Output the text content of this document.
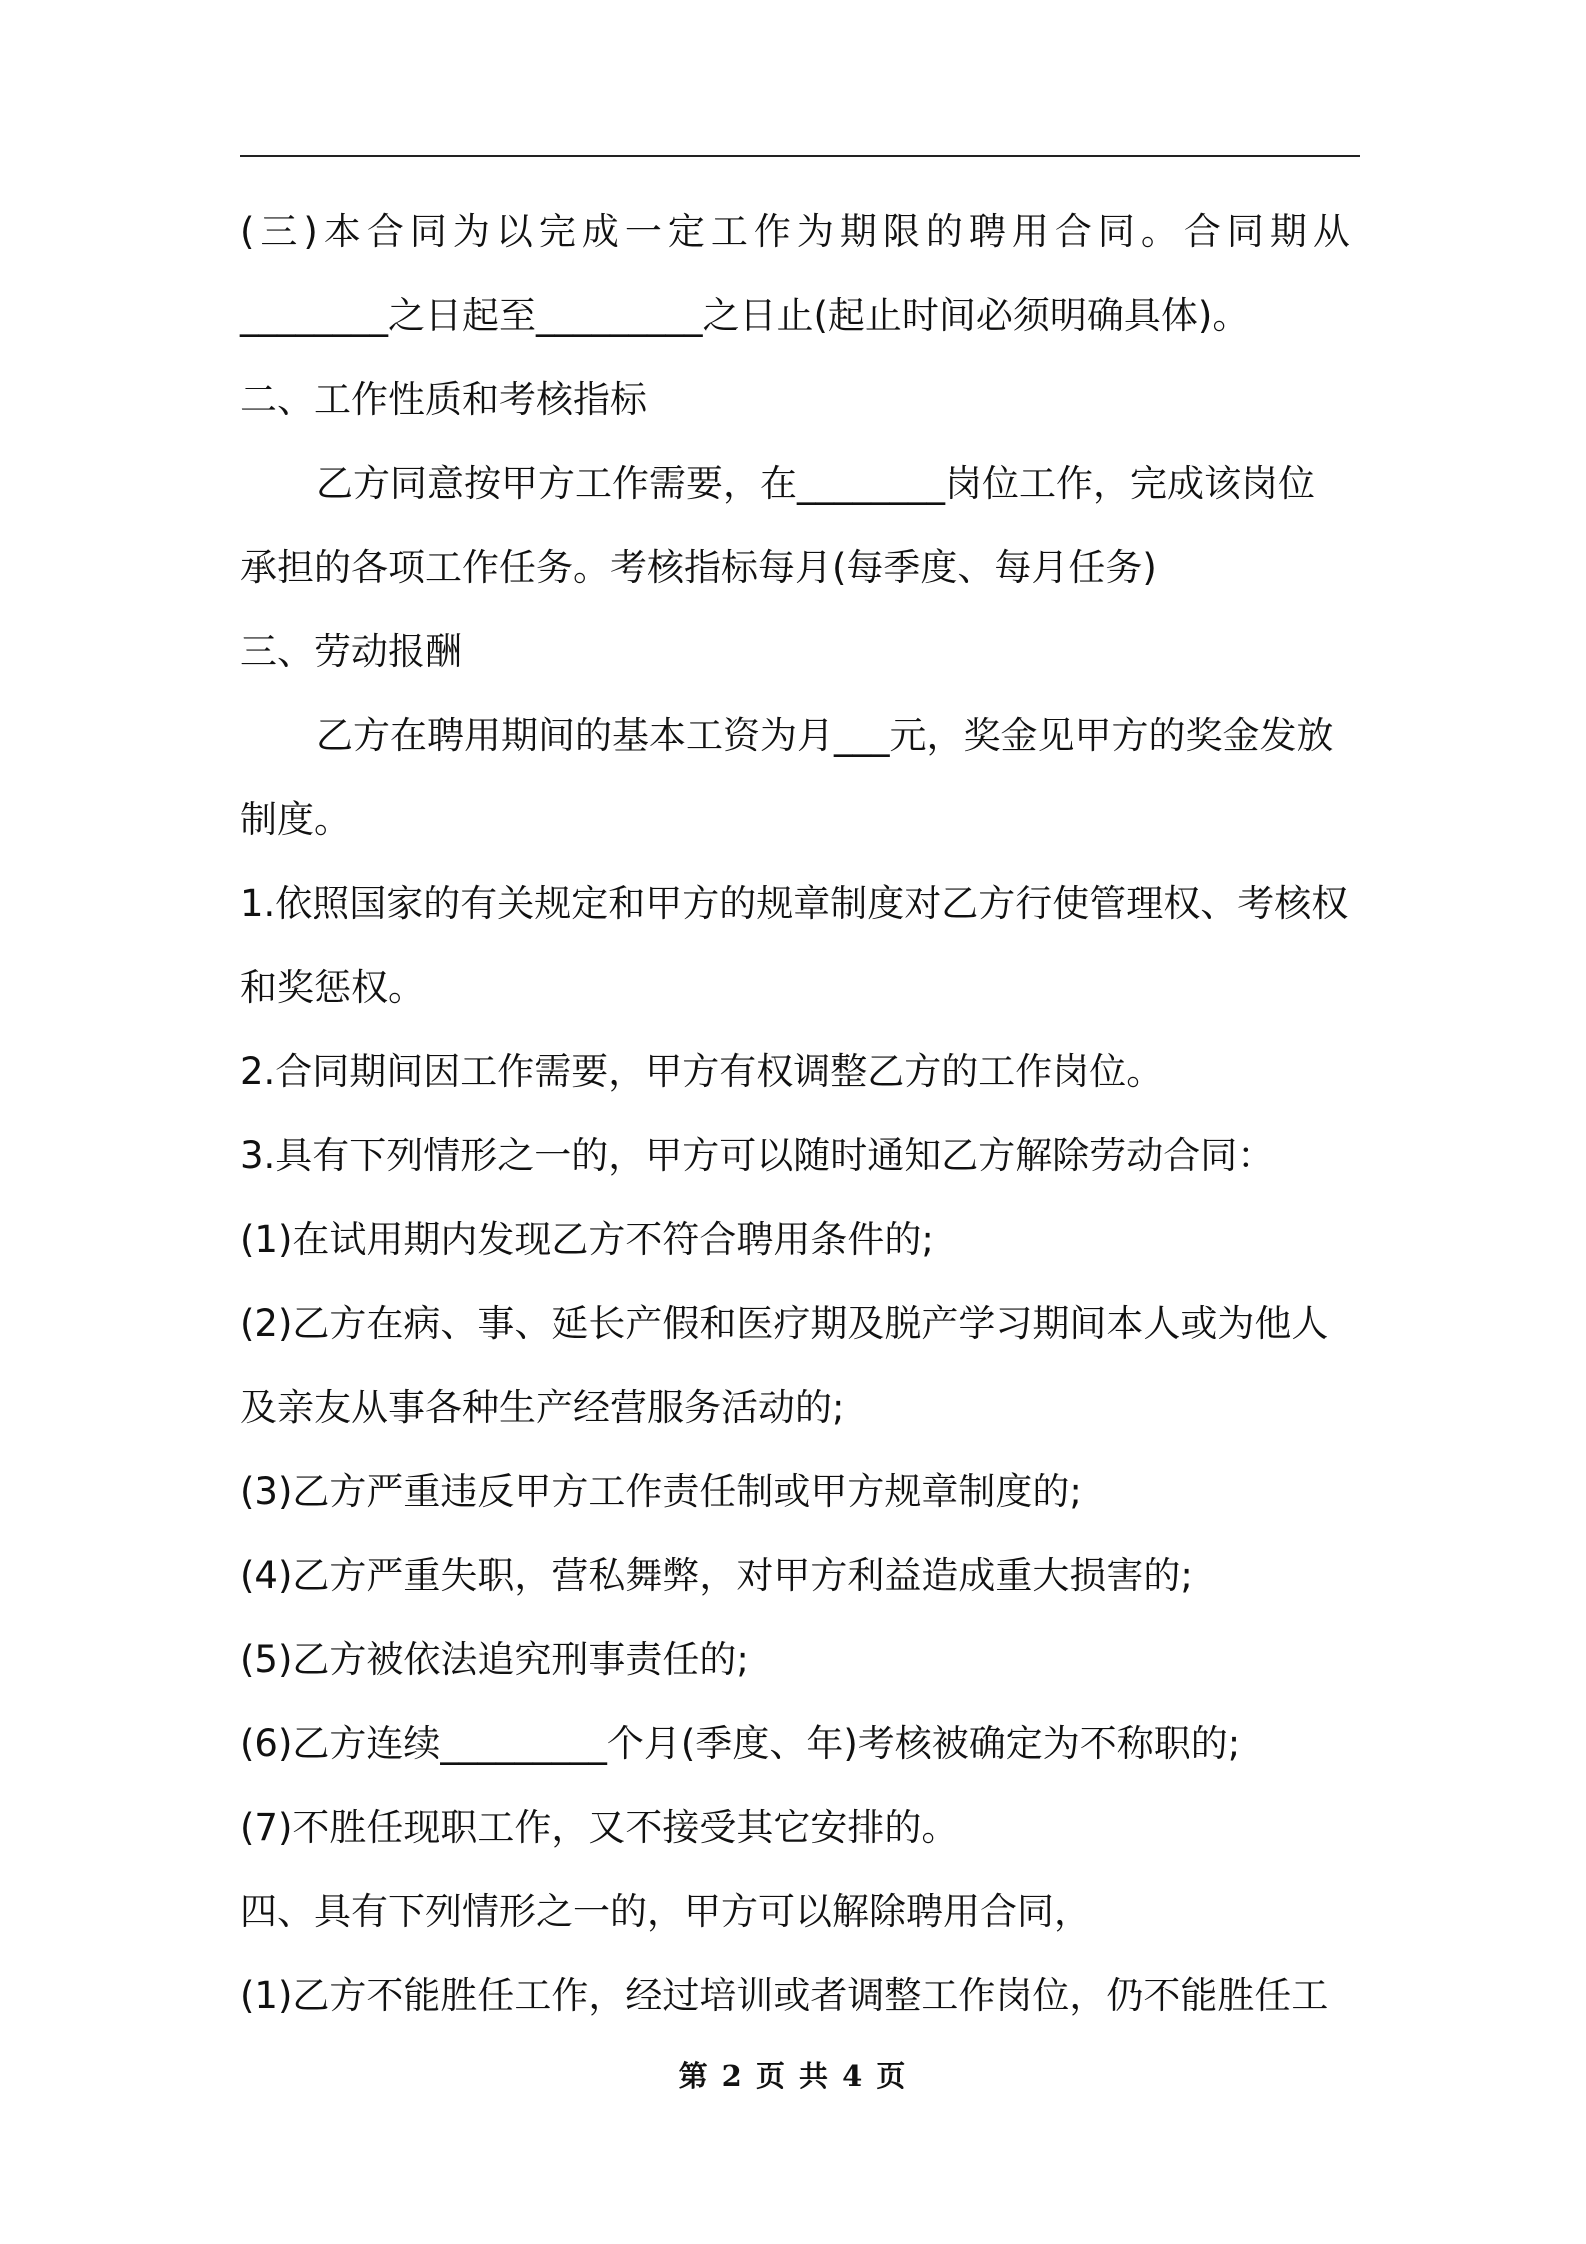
(三)本合同为以完成一定工作为期限的聘用合同。合同期从
________之日起至_________之日止(起止时间必须明确具体)。
二、工作性质和考核指标
乙方同意按甲方工作需要，在________岗位工作，完成该岗位
承担的各项工作任务。考核指标每月(每季度、每月任务)
三、劳动报酬
乙方在聘用期间的基本工资为月___元，奖金见甲方的奖金发放
制度。
1.依照国家的有关规定和甲方的规章制度对乙方行使管理权、考核权
和奖惩权。
2.合同期间因工作需要，甲方有权调整乙方的工作岗位。
3.具有下列情形之一的，甲方可以随时通知乙方解除劳动合同：
(1)在试用期内发现乙方不符合聘用条件的;
(2)乙方在病、事、延长产假和医疗期及脱产学习期间本人或为他人
及亲友从事各种生产经营服务活动的;
(3)乙方严重违反甲方工作责任制或甲方规章制度的;
(4)乙方严重失职，营私舞弊，对甲方利益造成重大损害的;
(5)乙方被依法追究刑事责任的;
(6)乙方连续_________个月(季度、年)考核被确定为不称职的;
(7)不胜任现职工作，又不接受其它安排的。
四、具有下列情形之一的，甲方可以解除聘用合同，
(1)乙方不能胜任工作，经过培训或者调整工作岗位，仍不能胜任工
第 2 页 共 4 页
